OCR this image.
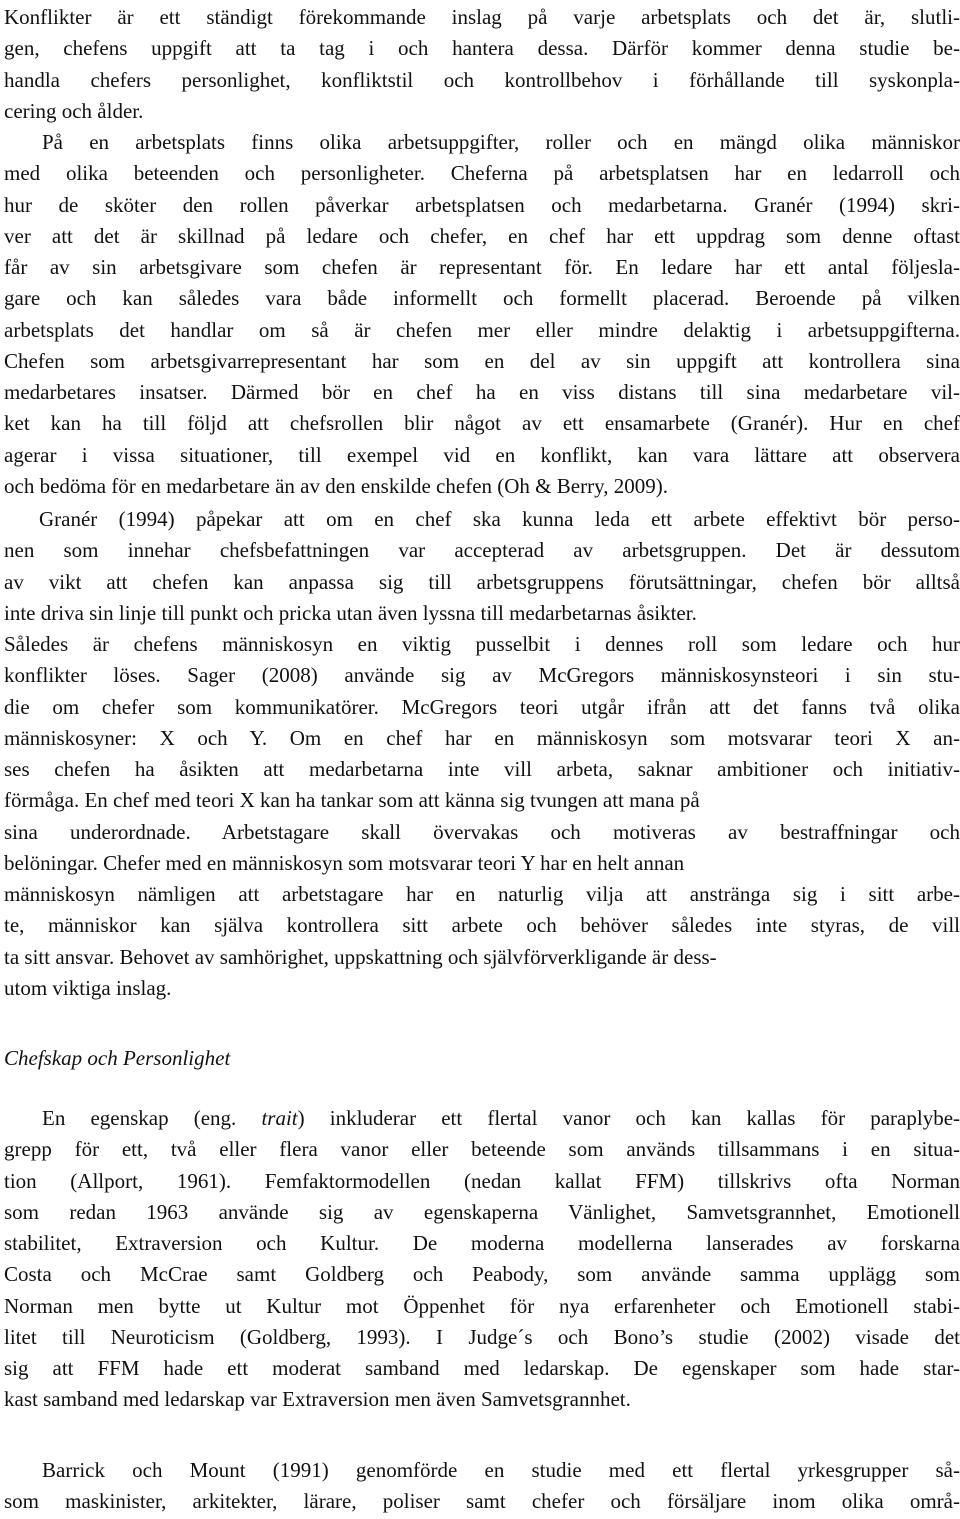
Konflikter är ett ständigt förekommande inslag på varje arbetsplats och det är, slutli-
gen, chefens uppgift att ta tag i och hantera dessa. Därför kommer denna studie be-
handla chefers personlighet, konfliktstil och kontrollbehov i förhållande till syskonpla-
cering och ålder.
På en arbetsplats finns olika arbetsuppgifter, roller och en mängd olika människor
med olika beteenden och personligheter. Cheferna på arbetsplatsen har en ledarroll och
hur de sköter den rollen påverkar arbetsplatsen och medarbetarna. Granér (1994) skri-
ver att det är skillnad på ledare och chefer, en chef har ett uppdrag som denne oftast
får av sin arbetsgivare som chefen är representant för. En ledare har ett antal följesla-
gare och kan således vara både informellt och formellt placerad. Beroende på vilken
arbetsplats det handlar om så är chefen mer eller mindre delaktig i arbetsuppgifterna.
Chefen som arbetsgivarrepresentant har som en del av sin uppgift att kontrollera sina
medarbetares insatser. Därmed bör en chef ha en viss distans till sina medarbetare vil-
ket kan ha till följd att chefsrollen blir något av ett ensamarbete (Granér). Hur en chef
agerar i vissa situationer, till exempel vid en konflikt, kan vara lättare att observera
och bedöma för en medarbetare än av den enskilde chefen (Oh & Berry, 2009).
Granér (1994) påpekar att om en chef ska kunna leda ett arbete effektivt bör perso-
nen som innehar chefsbefattningen var accepterad av arbetsgruppen. Det är dessutom
av vikt att chefen kan anpassa sig till arbetsgruppens förutsättningar, chefen bör alltså
inte driva sin linje till punkt och pricka utan även lyssna till medarbetarnas åsikter.
Således är chefens människosyn en viktig pusselbit i dennes roll som ledare och hur
konflikter löses. Sager (2008) använde sig av McGregors människosynsteori i sin stu-
die om chefer som kommunikatörer. McGregors teori utgår ifrån att det fanns två olika
människosyner: X och Y. Om en chef har en människosyn som motsvarar teori X an-
ses chefen ha åsikten att medarbetarna inte vill arbeta, saknar ambitioner och initiativ-
förmåga. En chef med teori X kan ha tankar som att känna sig tvungen att mana på
sina underordnade. Arbetstagare skall övervakas och motiveras av bestraffningar och
belöningar. Chefer med en människosyn som motsvarar teori Y har en helt annan
människosyn nämligen att arbetstagare har en naturlig vilja att anstränga sig i sitt arbe-
te, människor kan själva kontrollera sitt arbete och behöver således inte styras, de vill
ta sitt ansvar. Behovet av samhörighet, uppskattning och självförverkligande är dess-
utom viktiga inslag.
Chefskap och Personlighet
En egenskap (eng. trait) inkluderar ett flertal vanor och kan kallas för paraplybe-
grepp för ett, två eller flera vanor eller beteende som används tillsammans i en situa-
tion (Allport, 1961). Femfaktormodellen (nedan kallat FFM) tillskrivs ofta Norman
som redan 1963 använde sig av egenskaperna Vänlighet, Samvetsgrannhet, Emotionell
stabilitet, Extraversion och Kultur. De moderna modellerna lanserades av forskarna
Costa och McCrae samt Goldberg och Peabody, som använde samma upplägg som
Norman men bytte ut Kultur mot Öppenhet för nya erfarenheter och Emotionell stabi-
litet till Neuroticism (Goldberg, 1993). I Judge´s och Bono’s studie (2002) visade det
sig att FFM hade ett moderat samband med ledarskap. De egenskaper som hade star-
kast samband med ledarskap var Extraversion men även Samvetsgrannhet.
Barrick och Mount (1991) genomförde en studie med ett flertal yrkesgrupper så-
som maskinister, arkitekter, lärare, poliser samt chefer och försäljare inom olika områ-
